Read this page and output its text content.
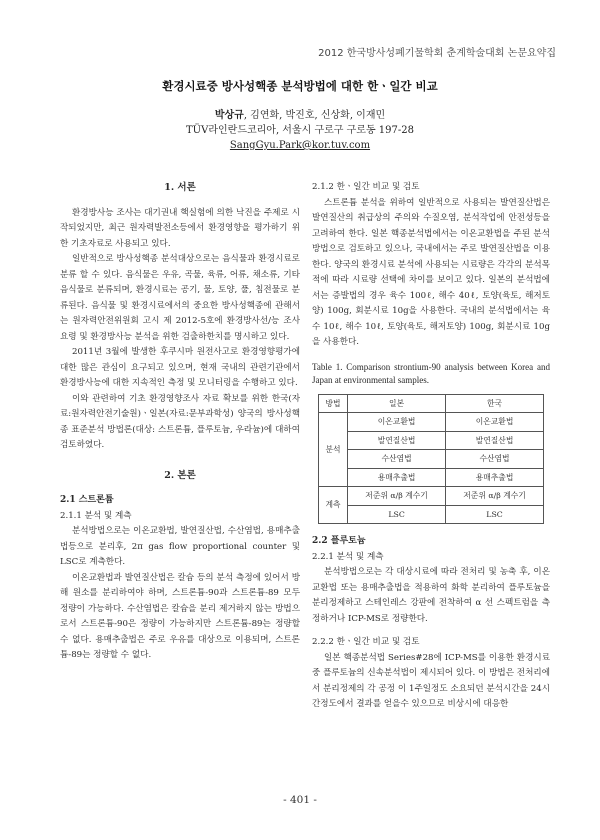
2012 한국방사성폐기물학회 춘계학술대회 논문요약집
환경시료중 방사성핵종 분석방법에 대한 한ㆍ일간 비교
박상규, 김연화, 박진호, 신상화, 이재민
TÜV라인란드코리아, 서울시 구로구 구로동 197-28
SangGyu.Park@kor.tuv.com
1. 서론

환경방사능 조사는 대기권내 핵실험에 의한 낙진을 주제로 시작되었지만, 최근 원자력발전소등에서 환경영향을 평가하기 위한 기초자료로 사용되고 있다.

일반적으로 방사성핵종 분석대상으로는 음식물과 환경시료로 분류 할 수 있다. 음식물은 우유, 곡물, 육류, 어류, 채소류, 기타 음식물로 분류되며, 환경시료는 공기, 물, 토양, 풀, 침전물로 분류된다. 음식물 및 환경시료에서의 중요한 방사성핵종에 관해서는 원자력안전위원회 고시 제 2012-5호에 환경방사선/능 조사요령 및 환경방사능 분석을 위한 검출하한치를 명시하고 있다.

2011년 3월에 발생한 후쿠시마 원전사고로 환경영향평가에 대한 많은 관심이 요구되고 있으며, 현재 국내의 관련기관에서 환경방사능에 대한 지속적인 측정 및 모니터링을 수행하고 있다.

이와 관련하여 기초 환경영향조사 자료 확보를 위한 한국(자료:원자력안전기술원)ㆍ일본(자료:문부과학성) 양국의 방사성핵종 표준분석 방법론(대상: 스트론튬, 플루토늄, 우라늄)에 대하여 검토하였다.

2. 본론
2.1 스트론튬
2.1.1 분석 및 계측

분석방법으로는 이온교환법, 발연질산법, 수산염법, 용매추출법등으로 분리후, 2π gas flow proportional counter 및 LSC로 계측한다.

이온교환법과 발연질산법은 칼슘 등의 분석 측정에 있어서 방해 원소를 분리하여야 하며, 스트론튬-90과 스트론튬-89 모두 정량이 가능하다. 수산염법은 칼슘을 분리 제거하지 않는 방법으로서 스트론튬-90은 정량이 가능하지만 스트론튬-89는 정량할 수 없다. 용매추출법은 주로 우유를 대상으로 이용되며, 스트론튬-89는 정량할 수 없다.

2.1.2 한ㆍ일간 비교 및 검토

스트론튬 분석을 위하여 일반적으로 사용되는 발연질산법은 발연질산의 취급상의 주의와 수질오염, 분석작업에 안전성등을 고려하여 한다. 일본 핵종분석법에서는 이온교환법을 주된 분석방법으로 검토하고 있으나, 국내에서는 주로 발연질산법을 이용한다. 양국의 환경시료 분석에 사용되는 시료량은 각각의 분석목적에 따라 시료량 선택에 차이를 보이고 있다. 일본의 분석법에서는 증발법의 경우 육수 100ℓ, 해수 40ℓ, 토양(육토, 해저토양) 100g, 회분시료 10g을 사용한다. 국내의 분석법에서는 육수 10ℓ, 해수 10ℓ, 토양(육토, 해저토양) 100g, 회분시료 10g을 사용한다.

Table 1. Comparison strontium-90 analysis between Korea and Japan at environmental samples.

방법	일본	한국
분석	이온교환법	이온교환법
	발연질산법	발연질산법
	수산염법	수산염법
	용매추출법	용매추출법
계측	저준위 α/β 계수기	저준위 α/β 계수기
	LSC	LSC
2.2 플루토늄
2.2.1 분석 및 계측

분석방법으로는 각 대상시료에 따라 전처리 및 농축 후, 이온교환법 또는 용매추출법을 적용하여 화학 분리하여 플루토늄을 분리정제하고 스테인레스 강판에 전착하여 α 선 스펙트럼을 측정하거나 ICP-MS로 정량한다.

2.2.2 한ㆍ일간 비교 및 검토

일본 핵종분석법 Series#28에 ICP-MS를 이용한 환경시료중 플루토늄의 신속분석법이 제시되어 있다. 이 방법은 전처리에서 분리정제의 각 공정 이 1주일정도 소요되던 분석시간을 24시간정도에서 결과를 얻을수 있으므로 비상시에 대응한

- 401 -
